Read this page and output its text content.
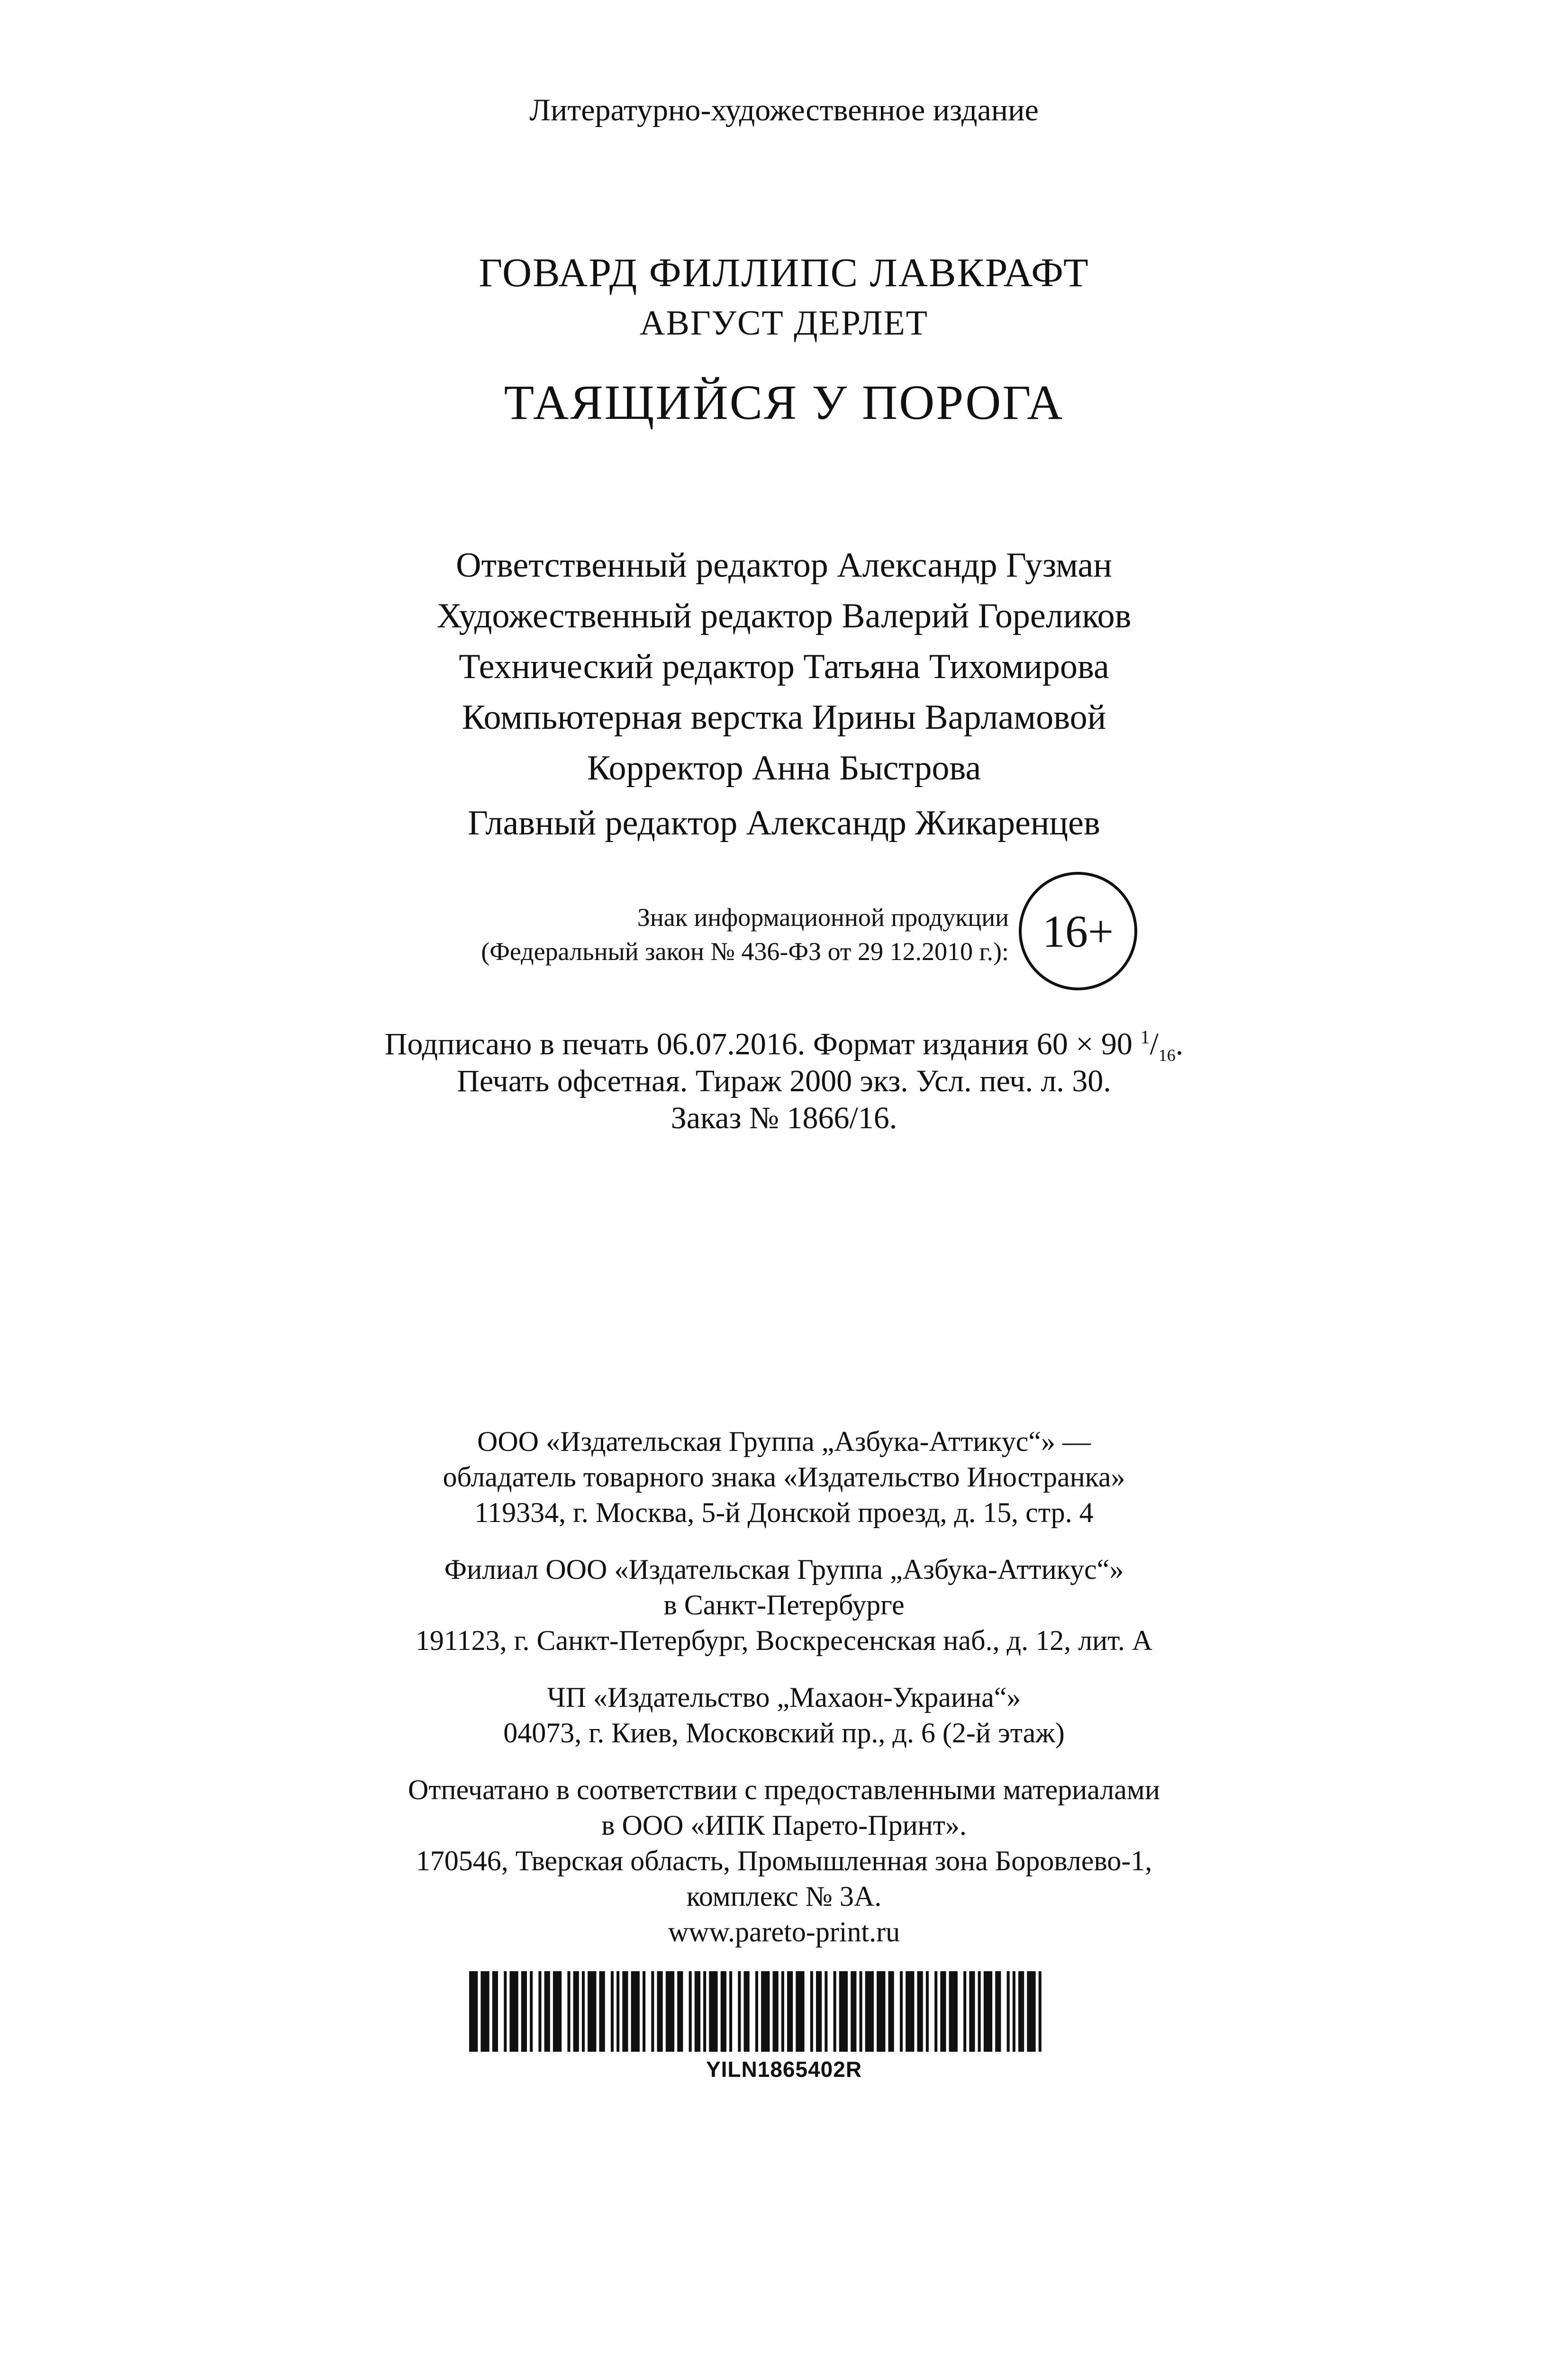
Литературно-художественное издание
ГОВАРД ФИЛЛИПС ЛАВКРАФТ
АВГУСТ ДЕРЛЕТ
ТАЯЩИЙСЯ У ПОРОГА
Ответственный редактор Александр Гузман
Художественный редактор Валерий Гореликов
Технический редактор Татьяна Тихомирова
Компьютерная верстка Ирины Варламовой
Корректор Анна Быстрова
Главный редактор Александр Жикаренцев
Знак информационной продукции
(Федеральный закон № 436-ФЗ от 29 12.2010 г.): 16+
Подписано в печать 06.07.2016. Формат издания 60 × 90 $^1/_{16}$.
Печать офсетная. Тираж 2000 экз. Усл. печ. л. 30.
Заказ № 1866/16.
ООО «Издательская Группа „Азбука-Аттикус“» —
обладатель товарного знака «Издательство Иностранка»
119334, г. Москва, 5-й Донской проезд, д. 15, стр. 4
Филиал ООО «Издательская Группа „Азбука-Аттикус“»
в Санкт-Петербурге
191123, г. Санкт-Петербург, Воскресенская наб., д. 12, лит. А
ЧП «Издательство „Махаон-Украина“»
04073, г. Киев, Московский пр., д. 6 (2-й этаж)
Отпечатано в соответствии с предоставленными материалами
в ООО «ИПК Парето-Принт».
170546, Тверская область, Промышленная зона Боровлево-1,
комплекс № 3А.
www.pareto-print.ru
YILN1865402R
